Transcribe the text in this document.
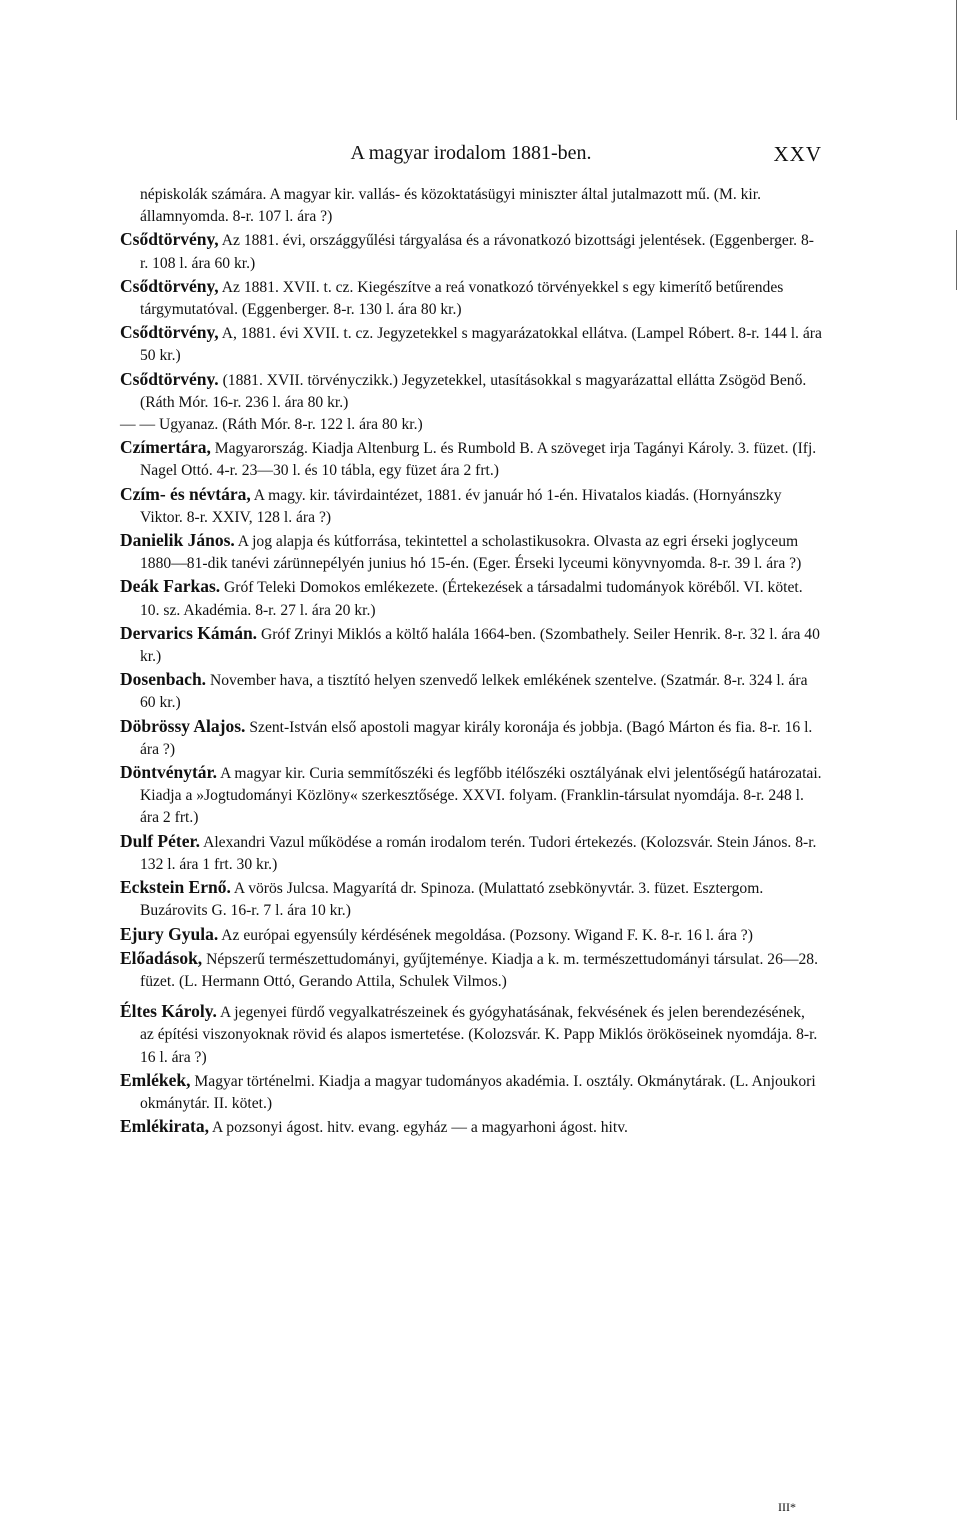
A magyar irodalom 1881-ben.	XXV

népiskolák számára. A magyar kir. vallás- és közoktatásügyi miniszter által jutalmazott mű. (M. kir. államnyomda. 8-r. 107 l. ára ?)

Csődtörvény, Az 1881. évi, országgyűlési tárgyalása és a rávonatkozó bizottsági jelentések. (Eggenberger. 8-r. 108 l. ára 60 kr.)

Csődtörvény, Az 1881. XVII. t. cz. Kiegészítve a reá vonatkozó törvényekkel s egy kimerítő betűrendes tárgymutatóval. (Eggenberger. 8-r. 130 l. ára 80 kr.)

Csődtörvény, A, 1881. évi XVII. t. cz. Jegyzetekkel s magyarázatokkal ellátva. (Lampel Róbert. 8-r. 144 l. ára 50 kr.)

Csődtörvény. (1881. XVII. törvényczikk.) Jegyzetekkel, utasításokkal s magyarázattal ellátta Zsögöd Benő. (Ráth Mór. 16-r. 236 l. ára 80 kr.)

— — Ugyanaz. (Ráth Mór. 8-r. 122 l. ára 80 kr.)

Czímertára, Magyarország. Kiadja Altenburg L. és Rumbold B. A szöveget irja Tagányi Károly. 3. füzet. (Ifj. Nagel Ottó. 4-r. 23—30 l. és 10 tábla, egy füzet ára 2 frt.)

Czím- és névtára, A magy. kir. távirdaintézet, 1881. év január hó 1-én. Hivatalos kiadás. (Hornyánszky Viktor. 8-r. XXIV, 128 l. ára ?)

Danielik János. A jog alapja és kútforrása, tekintettel a scholastikusokra. Olvasta az egri érseki joglyceum 1880—81-dik tanévi zárünnepélyén junius hó 15-én. (Eger. Érseki lyceumi könyvnyomda. 8-r. 39 l. ára ?)

Deák Farkas. Gróf Teleki Domokos emlékezete. (Értekezések a társadalmi tudományok köréből. VI. kötet. 10. sz. Akadémia. 8-r. 27 l. ára 20 kr.)

Dervarics Kámán. Gróf Zrinyi Miklós a költő halála 1664-ben. (Szombathely. Seiler Henrik. 8-r. 32 l. ára 40 kr.)

Dosenbach. November hava, a tisztító helyen szenvedő lelkek emlékének szentelve. (Szatmár. 8-r. 324 l. ára 60 kr.)

Döbrössy Alajos. Szent-István első apostoli magyar király koronája és jobbja. (Bagó Márton és fia. 8-r. 16 l. ára ?)

Döntvénytár. A magyar kir. Curia semmítőszéki és legfőbb itélőszéki osztályának elvi jelentőségű határozatai. Kiadja a »Jogtudományi Közlöny« szerkesztősége. XXVI. folyam. (Franklin-társulat nyomdája. 8-r. 248 l. ára 2 frt.)

Dulf Péter. Alexandri Vazul működése a román irodalom terén. Tudori értekezés. (Kolozsvár. Stein János. 8-r. 132 l. ára 1 frt. 30 kr.)

Eckstein Ernő. A vörös Julcsa. Magyarítá dr. Spinoza. (Mulattató zsebkönyvtár. 3. füzet. Esztergom. Buzárovits G. 16-r. 7 l. ára 10 kr.)

Ejury Gyula. Az európai egyensúly kérdésének megoldása. (Pozsony. Wigand F. K. 8-r. 16 l. ára ?)

Előadások, Népszerű természettudományi, gyűjteménye. Kiadja a k. m. természettudományi társulat. 26—28. füzet. (L. Hermann Ottó, Gerando Attila, Schulek Vilmos.)

Éltes Károly. A jegenyei fürdő vegyalkatrészeinek és gyógyhatásának, fekvésének és jelen berendezésének, az építési viszonyoknak rövid és alapos ismertetése. (Kolozsvár. K. Papp Miklós örököseinek nyomdája. 8-r. 16 l. ára ?)

Emlékek, Magyar történelmi. Kiadja a magyar tudományos akadémia. I. osztály. Okmánytárak. (L. Anjoukori okmánytár. II. kötet.)

Emlékirata, A pozsonyi ágost. hitv. evang. egyház — a magyarhoni ágost. hitv.

III*
